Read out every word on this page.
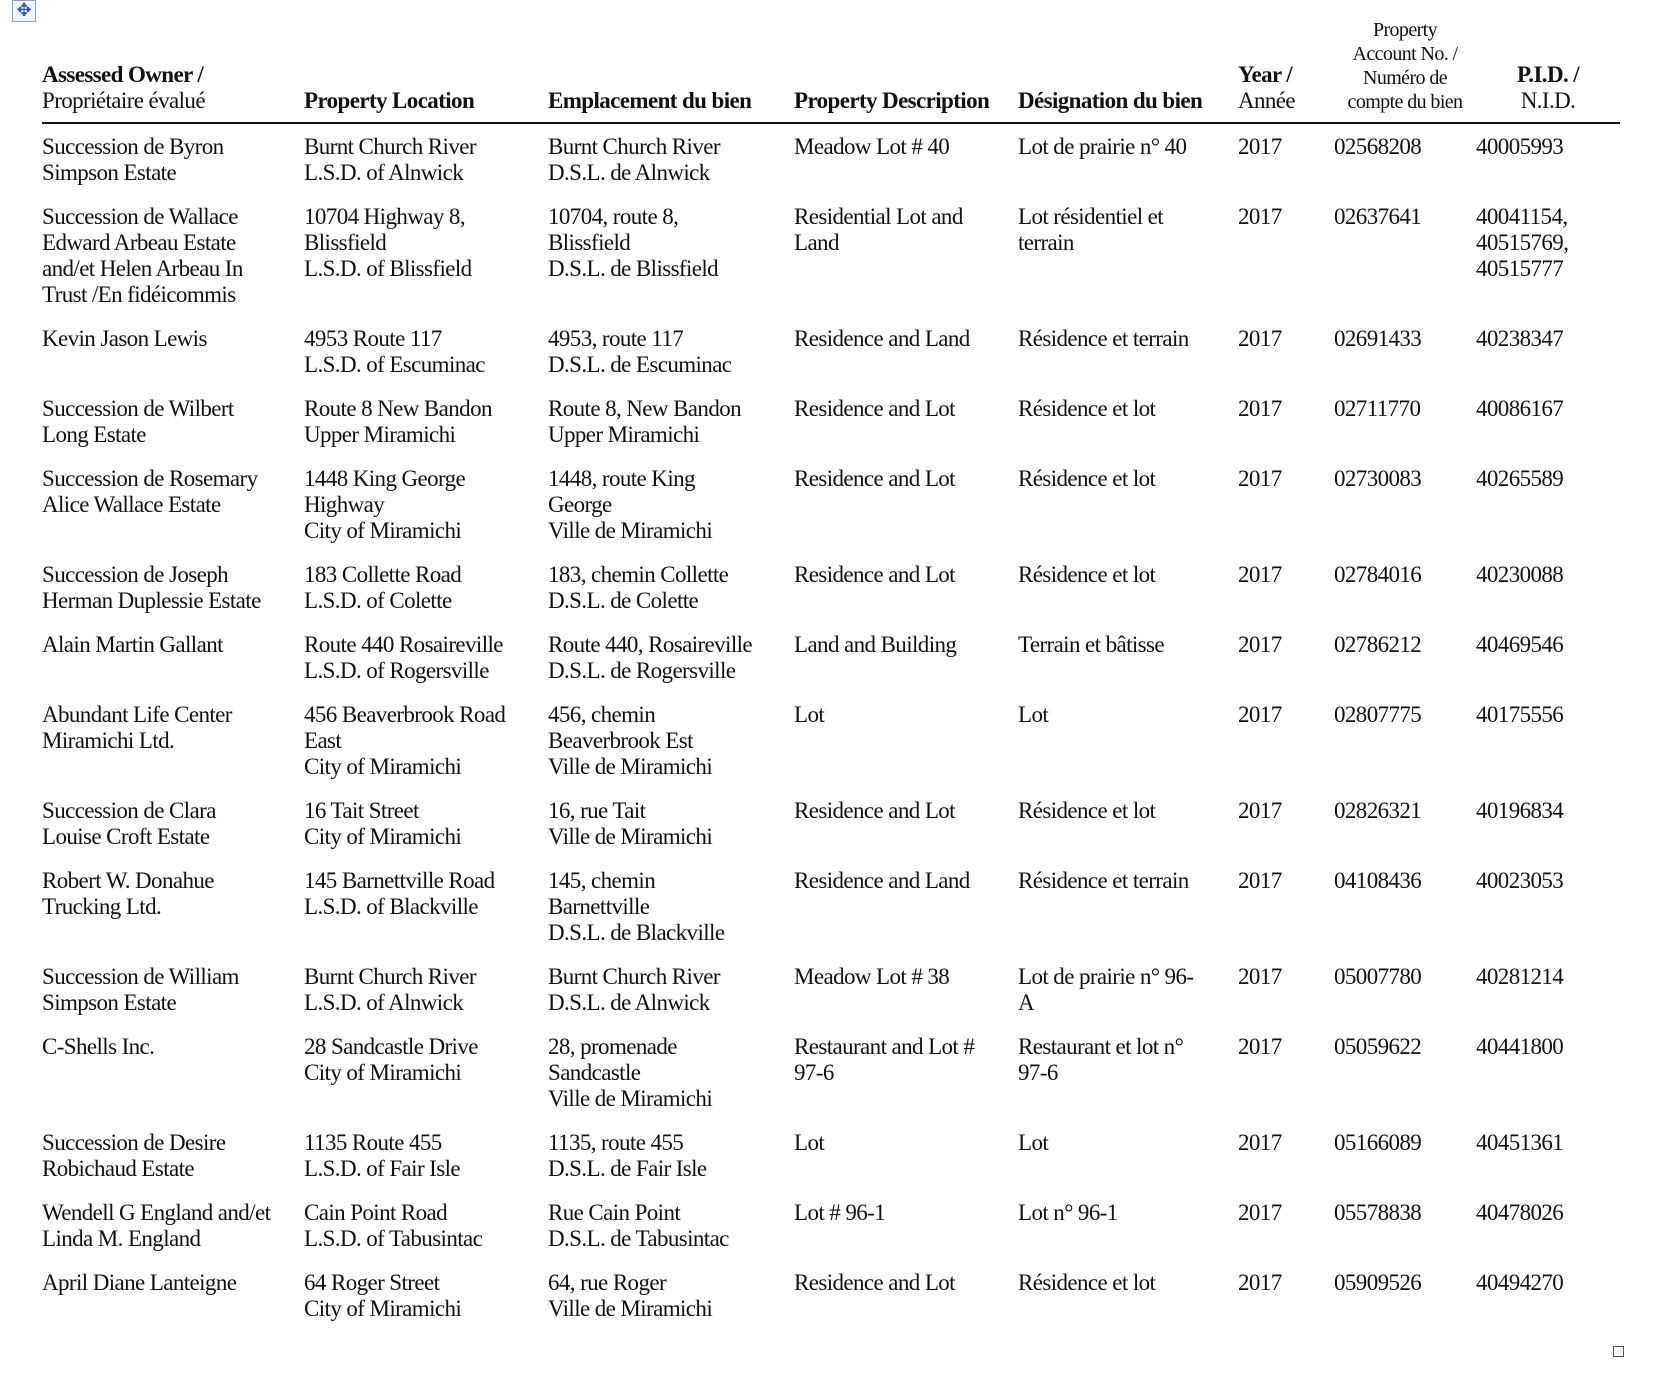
✥
Assessed Owner /
Propriétaire évalué	Property Location	Emplacement du bien	Property Description	Désignation du bien	Year /
Année	Property
Account No. /
Numéro de
compte du bien	P.I.D. /
N.I.D.

Succession de Byron
Simpson Estate	Burnt Church River
L.S.D. of Alnwick	Burnt Church River
D.S.L. de Alnwick	Meadow Lot # 40	Lot de prairie n° 40	2017	02568208	40005993

Succession de Wallace
Edward Arbeau Estate
and/et Helen Arbeau In
Trust /En fidéicommis	10704 Highway 8,
Blissfield
L.S.D. of Blissfield	10704, route 8,
Blissfield
D.S.L. de Blissfield	Residential Lot and
Land	Lot résidentiel et
terrain	2017	02637641	40041154,
40515769,
40515777

Kevin Jason Lewis	4953 Route 117
L.S.D. of Escuminac	4953, route 117
D.S.L. de Escuminac	Residence and Land	Résidence et terrain	2017	02691433	40238347

Succession de Wilbert
Long Estate	Route 8 New Bandon
Upper Miramichi	Route 8, New Bandon
Upper Miramichi	Residence and Lot	Résidence et lot	2017	02711770	40086167

Succession de Rosemary
Alice Wallace Estate	1448 King George
Highway
City of Miramichi	1448, route King
George
Ville de Miramichi	Residence and Lot	Résidence et lot	2017	02730083	40265589

Succession de Joseph
Herman Duplessie Estate	183 Collette Road
L.S.D. of Colette	183, chemin Collette
D.S.L. de Colette	Residence and Lot	Résidence et lot	2017	02784016	40230088

Alain Martin Gallant	Route 440 Rosaireville
L.S.D. of Rogersville	Route 440, Rosaireville
D.S.L. de Rogersville	Land and Building	Terrain et bâtisse	2017	02786212	40469546

Abundant Life Center
Miramichi Ltd.	456 Beaverbrook Road
East
City of Miramichi	456, chemin
Beaverbrook Est
Ville de Miramichi	Lot	Lot	2017	02807775	40175556

Succession de Clara
Louise Croft Estate	16 Tait Street
City of Miramichi	16, rue Tait
Ville de Miramichi	Residence and Lot	Résidence et lot	2017	02826321	40196834

Robert W. Donahue
Trucking Ltd.	145 Barnettville Road
L.S.D. of Blackville	145, chemin
Barnettville
D.S.L. de Blackville	Residence and Land	Résidence et terrain	2017	04108436	40023053

Succession de William
Simpson Estate	Burnt Church River
L.S.D. of Alnwick	Burnt Church River
D.S.L. de Alnwick	Meadow Lot # 38	Lot de prairie n° 96-
A	2017	05007780	40281214

C-Shells Inc.	28 Sandcastle Drive
City of Miramichi	28, promenade
Sandcastle
Ville de Miramichi	Restaurant and Lot #
97-6	Restaurant et lot n°
97-6	2017	05059622	40441800

Succession de Desire
Robichaud Estate	1135 Route 455
L.S.D. of Fair Isle	1135, route 455
D.S.L. de Fair Isle	Lot	Lot	2017	05166089	40451361

Wendell G England and/et
Linda M. England	Cain Point Road
L.S.D. of Tabusintac	Rue Cain Point
D.S.L. de Tabusintac	Lot # 96-1	Lot n° 96-1	2017	05578838	40478026

April Diane Lanteigne	64 Roger Street
City of Miramichi	64, rue Roger
Ville de Miramichi	Residence and Lot	Résidence et lot	2017	05909526	40494270
